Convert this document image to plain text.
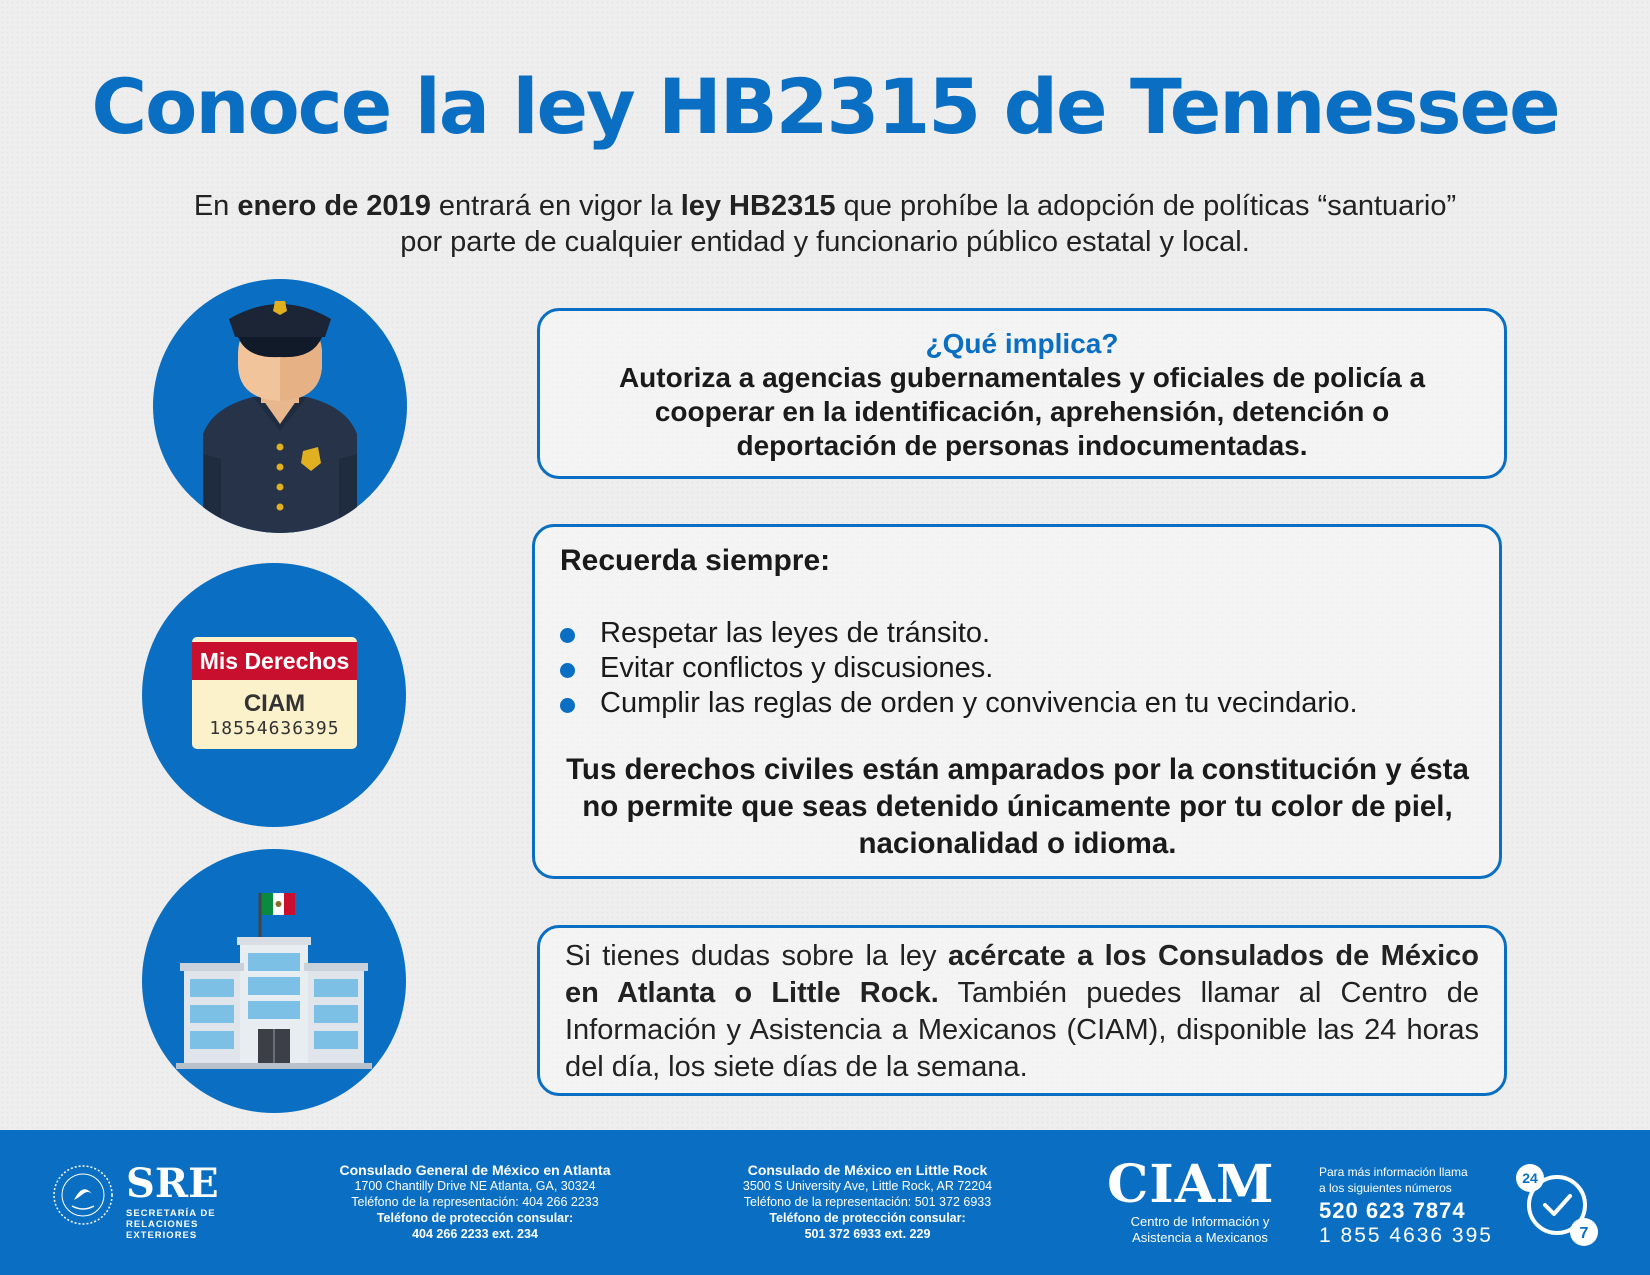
Conoce la ley HB2315 de Tennessee
En enero de 2019 entrará en vigor la ley HB2315 que prohíbe la adopción de políticas “santuario”
por parte de cualquier entidad y funcionario público estatal y local.
Mis Derechos
CIAM
18554636395
¿Qué implica?
Autoriza a agencias gubernamentales y oficiales de policía a cooperar en la identificación, aprehensión, detención o deportación de personas indocumentadas.
Recuerda siempre:
Respetar las leyes de tránsito.
Evitar conflictos y discusiones.
Cumplir las reglas de orden y convivencia en tu vecindario.
Tus derechos civiles están amparados por la constitución y ésta no permite que seas detenido únicamente por tu color de piel, nacionalidad o idioma.
Si tienes dudas sobre la ley acércate a los Consulados de México en Atlanta o Little Rock. También puedes llamar al Centro de Información y Asistencia a Mexicanos (CIAM), disponible las 24 horas del día, los siete días de la semana.
SRE
SECRETARÍA DE
RELACIONES
EXTERIORES
Consulado General de México en Atlanta
1700 Chantilly Drive NE Atlanta, GA, 30324
Teléfono de la representación: 404 266 2233
Teléfono de protección consular:
404 266 2233 ext. 234
Consulado de México en Little Rock
3500 S University Ave, Little Rock, AR 72204
Teléfono de la representación: 501 372 6933
Teléfono de protección consular:
501 372 6933 ext. 229
CIAM
Centro de Información y
Asistencia a Mexicanos
Para más información llama
a los siguientes números
520 623 7874
1 855 4636 395
24
7
